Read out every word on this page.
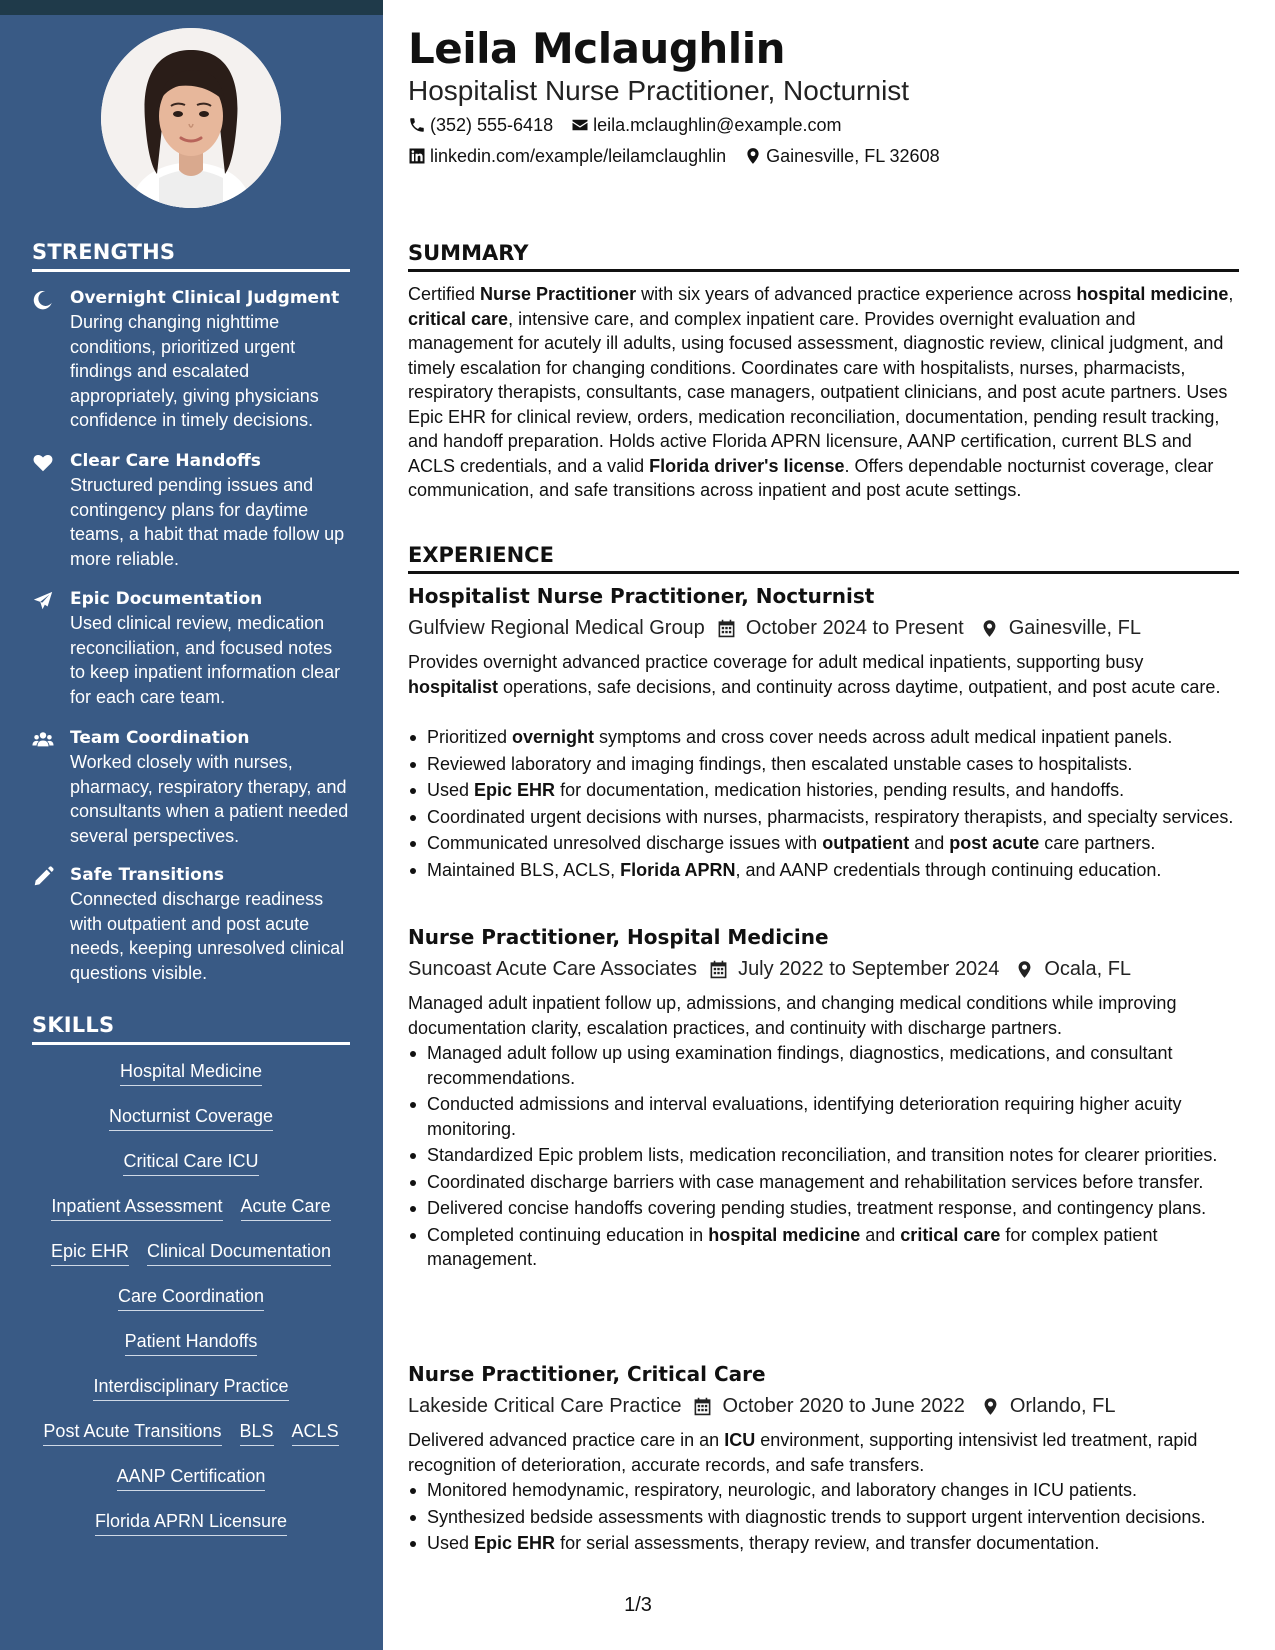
STRENGTHS
Overnight Clinical Judgment
During changing nighttime conditions, prioritized urgent findings and escalated appropriately, giving physicians confidence in timely decisions.
Clear Care Handoffs
Structured pending issues and contingency plans for daytime teams, a habit that made follow up more reliable.
Epic Documentation
Used clinical review, medication reconciliation, and focused notes to keep inpatient information clear for each care team.
Team Coordination
Worked closely with nurses, pharmacy, respiratory therapy, and consultants when a patient needed several perspectives.
Safe Transitions
Connected discharge readiness with outpatient and post acute needs, keeping unresolved clinical questions visible.
SKILLS
Hospital Medicine
Nocturnist Coverage
Critical Care ICU
Inpatient Assessment Acute Care
Epic EHR Clinical Documentation
Care Coordination
Patient Handoffs
Interdisciplinary Practice
Post Acute Transitions BLS ACLS
AANP Certification
Florida APRN Licensure
Leila Mclaughlin
Hospitalist Nurse Practitioner, Nocturnist
(352) 555-6418 leila.mclaughlin@example.com
linkedin.com/example/leilamclaughlin Gainesville, FL 32608
SUMMARY
Certified Nurse Practitioner with six years of advanced practice experience across hospital medicine, critical care, intensive care, and complex inpatient care. Provides overnight evaluation and management for acutely ill adults, using focused assessment, diagnostic review, clinical judgment, and timely escalation for changing conditions. Coordinates care with hospitalists, nurses, pharmacists, respiratory therapists, consultants, case managers, outpatient clinicians, and post acute partners. Uses Epic EHR for clinical review, orders, medication reconciliation, documentation, pending result tracking, and handoff preparation. Holds active Florida APRN licensure, AANP certification, current BLS and ACLS credentials, and a valid Florida driver's license. Offers dependable nocturnist coverage, clear communication, and safe transitions across inpatient and post acute settings.
EXPERIENCE
Hospitalist Nurse Practitioner, Nocturnist
Gulfview Regional Medical Group October 2024 to Present Gainesville, FL
Provides overnight advanced practice coverage for adult medical inpatients, supporting busy hospitalist operations, safe decisions, and continuity across daytime, outpatient, and post acute care.
Prioritized overnight symptoms and cross cover needs across adult medical inpatient panels.
Reviewed laboratory and imaging findings, then escalated unstable cases to hospitalists.
Used Epic EHR for documentation, medication histories, pending results, and handoffs.
Coordinated urgent decisions with nurses, pharmacists, respiratory therapists, and specialty services.
Communicated unresolved discharge issues with outpatient and post acute care partners.
Maintained BLS, ACLS, Florida APRN, and AANP credentials through continuing education.
Nurse Practitioner, Hospital Medicine
Suncoast Acute Care Associates July 2022 to September 2024 Ocala, FL
Managed adult inpatient follow up, admissions, and changing medical conditions while improving documentation clarity, escalation practices, and continuity with discharge partners.
Managed adult follow up using examination findings, diagnostics, medications, and consultant recommendations.
Conducted admissions and interval evaluations, identifying deterioration requiring higher acuity monitoring.
Standardized Epic problem lists, medication reconciliation, and transition notes for clearer priorities.
Coordinated discharge barriers with case management and rehabilitation services before transfer.
Delivered concise handoffs covering pending studies, treatment response, and contingency plans.
Completed continuing education in hospital medicine and critical care for complex patient management.
Nurse Practitioner, Critical Care
Lakeside Critical Care Practice October 2020 to June 2022 Orlando, FL
Delivered advanced practice care in an ICU environment, supporting intensivist led treatment, rapid recognition of deterioration, accurate records, and safe transfers.
Monitored hemodynamic, respiratory, neurologic, and laboratory changes in ICU patients.
Synthesized bedside assessments with diagnostic trends to support urgent intervention decisions.
Used Epic EHR for serial assessments, therapy review, and transfer documentation.
1/3
